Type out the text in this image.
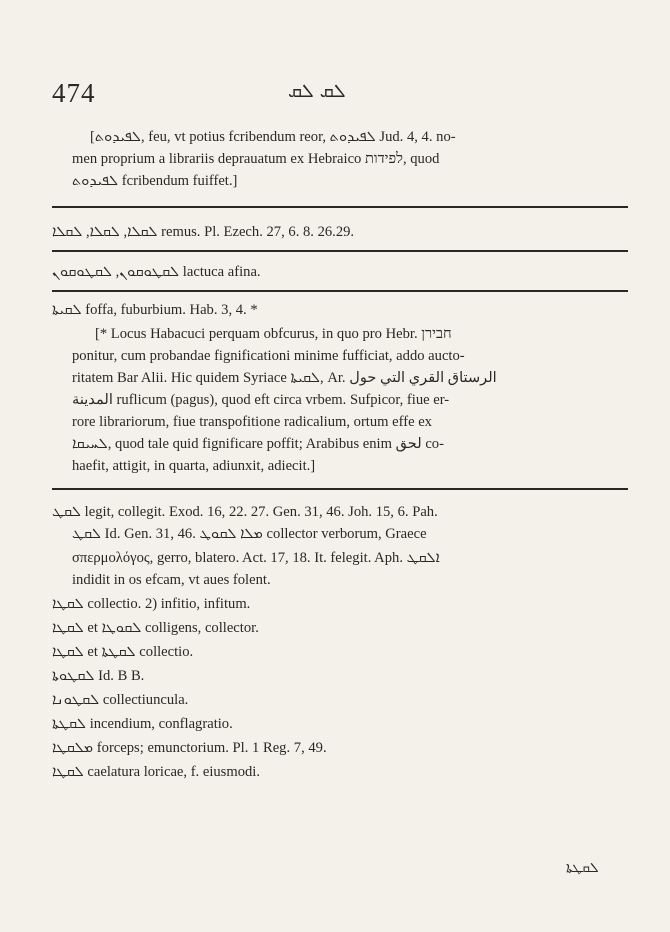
474	ܠܩ ܠܩ
[ܠܦܝܕܘܬ, feu, vt potius fcribendum reor, ܠܦܝܕܘܬ Jud. 4, 4. no-
men proprium a librariis deprauatum ex Hebraico לפידות, quod
ܠܦܝܕܘܬ fcribendum fuiffet.]
ܠܩܠܐ, ܠܩܠܐ, ܠܩܠܐ remus. Pl. Ezech. 27, 6. 8. 26.29.
ܠܩܛܘܩܘܢ, ܠܩܛܘܩܘܢ lactuca afina.
ܠܩܝܬܐ foffa, fuburbium. Hab. 3, 4. *
[* Locus Habacuci perquam obfcurus, in quo pro Hebr. חבירן
ponitur, cum probandae fignificationi minime fufficiat, addo aucto-
ritatem Bar Alii. Hic quidem Syriace ܠܩܝܬܐ, Ar. الرستاق القري التي حول
المدينة ruflicum (pagus), quod eft circa vrbem. Sufpicor, fiue er-
rore librariorum, fiue transpofitione radicalium, ortum effe ex
ܠܚܝܩܐ, quod tale quid fignificare poffit; Arabibus enim لحق co-
haefit, attigit, in quarta, adiunxit, adiecit.]
ܠܩܛ legit, collegit. Exod. 16, 22. 27. Gen. 31, 46. Joh. 15, 6. Pah.
ܠܩܛ Id. Gen. 31, 46. ܡܠܐ ܠܩܘܛ collector verborum, Graece
σπερμολόγος, gerro, blatero. Act. 17, 18. It. felegit. Aph. ܐܠܩܛ
indidit in os efcam, vt aues folent.
ܠܩܛܐ collectio. 2) infitio, infitum.
ܠܩܛܐ et ܠܩܘܛܐ colligens, collector.
ܠܩܛܐ et ܠܩܛܬܐ collectio.
ܠܩܛܘܬܐ Id. B B.
ܠܩܛܘܢܐ collectiuncula.
ܠܩܛܬܐ incendium, conflagratio.
ܡܠܩܛܐ forceps; emunctorium. Pl. 1 Reg. 7, 49.
ܠܩܛܐ caelatura loricae, f. eiusmodi.
ܠܩܛܬܐ
